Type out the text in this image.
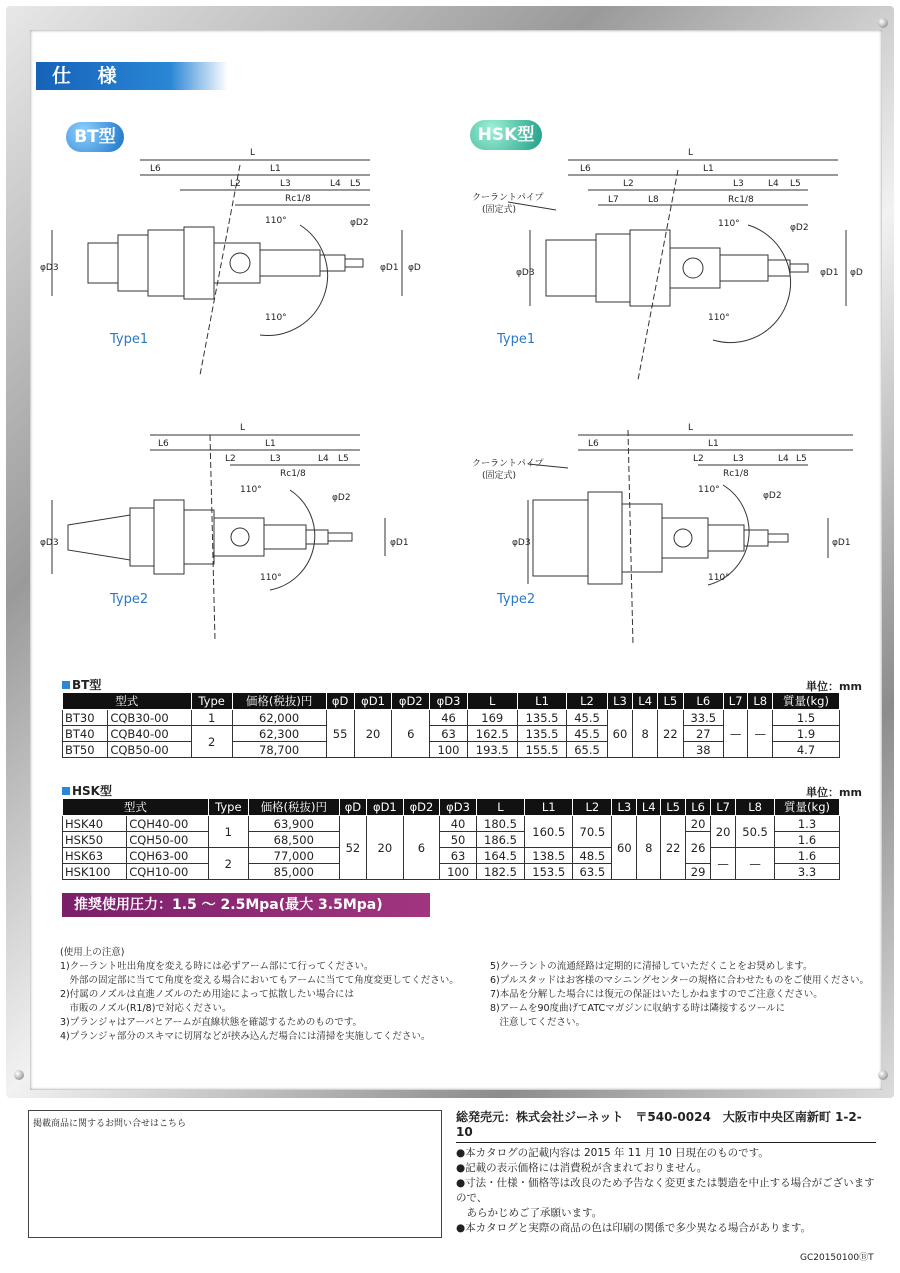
仕 様
BT型	HSK型
L
L6	L1
L2	L3	L4 L5
Rc1/8
110°
110°
φD2
φD1 φD
φD3
Type1
L
L6	L1
L2	L3	L4 L5
L7	L8	Rc1/8
110°
110°
φD2
φD1 φD
φD3
クーラントパイプ
(固定式)
Type1
L
L6	L1
L2	L3	L4 L5
Rc1/8
110°
110°
φD2
φD1
φD3
Type2
L
L6	L1
L2	L3	L4 L5
Rc1/8
110°
110°
φD2
φD1
φD3
クーラントパイプ
(固定式)
Type2
BT型	単位：mm
型式		Type	価格(税抜)円	φD	φD1	φD2	φD3	L	L1	L2	L3	L4	L5	L6	L7	L8	質量(kg)
BT30	CQB30-00	1	62,000	55	20	6	46	169	135.5	45.5	60	8	22	33.5	—	—	1.5
BT40	CQB40-00	2	62,300				63	162.5	135.5	45.5				27			1.9
BT50	CQB50-00		78,700				100	193.5	155.5	65.5				38			4.7
HSK型	単位：mm
型式		Type	価格(税抜)円	φD	φD1	φD2	φD3	L	L1	L2	L3	L4	L5	L6	L7	L8	質量(kg)
HSK40	CQH40-00	1	63,900	52	20	6	40	180.5	160.5	70.5	60	8	22	20	20	50.5	1.3
HSK50	CQH50-00		68,500				50	186.5						26			1.6
HSK63	CQH63-00	2	77,000				63	164.5	138.5	48.5					—	—	1.6
HSK100	CQH10-00		85,000				100	182.5	153.5	63.5				29			3.3
推奨使用圧力：1.5 ～ 2.5Mpa(最大 3.5Mpa)
(使用上の注意)
1)クーラント吐出角度を変える時には必ずアーム部にて行ってください。
　外部の固定部に当てて角度を変える場合においてもアームに当てて角度変更してください。
2)付属のノズルは直進ノズルのため用途によって拡散したい場合には
　市販のノズル(R1/8)で対応ください。
3)プランジャはアーバとアームが直線状態を確認するためのものです。
4)プランジャ部分のスキマに切屑などが挟み込んだ場合には清掃を実施してください。
5)クーラントの流通経路は定期的に清掃していただくことをお奨めします。
6)プルスタッドはお客様のマシニングセンターの規格に合わせたものをご使用ください。
7)本品を分解した場合には復元の保証はいたしかねますのでご注意ください。
8)アームを90度曲げてATCマガジンに収納する時は隣接するツールに
　注意してください。
掲載商品に関するお問い合せはこちら	総発売元：株式会社ジーネット　〒540-0024　大阪市中央区南新町 1-2-10
●本カタログの記載内容は 2015 年 11 月 10 日現在のものです。
●記載の表示価格には消費税が含まれておりません。
●寸法・仕様・価格等は改良のため予告なく変更または製造を中止する場合がございますので、
　あらかじめご了承願います。
●本カタログと実際の商品の色は印刷の関係で多少異なる場合があります。
GC20150100ⒷT
